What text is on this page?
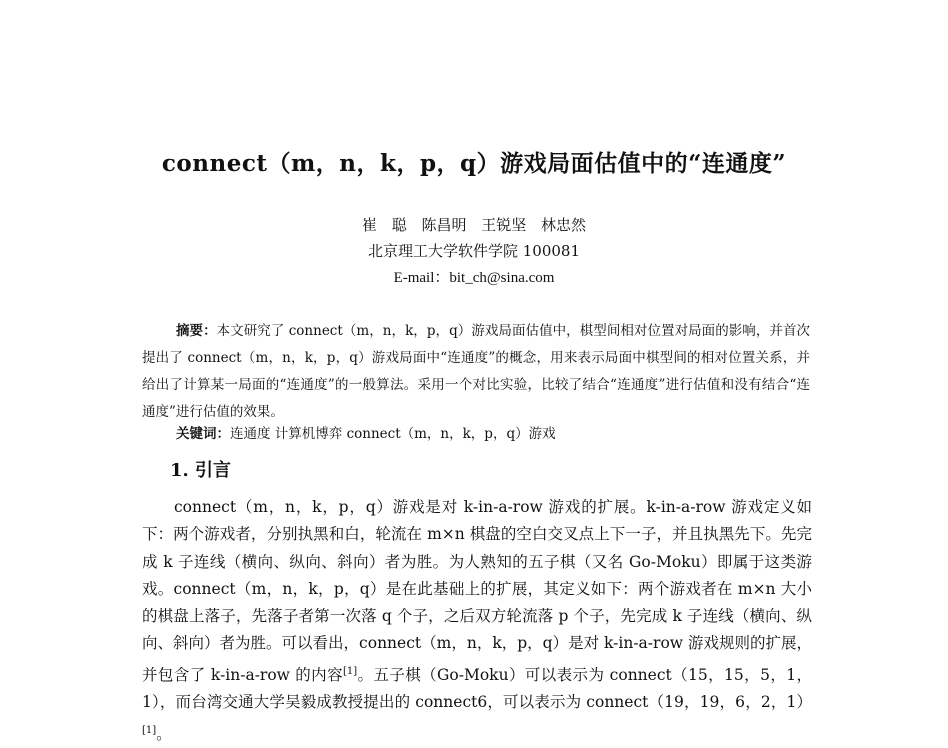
connect（m，n，k，p，q）游戏局面估值中的“连通度”
崔 聪 陈昌明 王锐坚 林忠然
北京理工大学软件学院 100081
E-mail：bit_ch@sina.com
摘要：本文研究了 connect（m，n，k，p，q）游戏局面估值中，棋型间相对位置对局面的影响，并首次提出了 connect（m，n，k，p，q）游戏局面中“连通度”的概念，用来表示局面中棋型间的相对位置关系，并给出了计算某一局面的“连通度”的一般算法。采用一个对比实验，比较了结合“连通度”进行估值和没有结合“连通度”进行估值的效果。
关键词：连通度 计算机博弈 connect（m，n，k，p，q）游戏
1. 引言
connect（m，n，k，p，q）游戏是对 k-in-a-row 游戏的扩展。k-in-a-row 游戏定义如下：两个游戏者，分别执黑和白，轮流在 m×n 棋盘的空白交叉点上下一子，并且执黑先下。先完成 k 子连线（横向、纵向、斜向）者为胜。为人熟知的五子棋（又名 Go-Moku）即属于这类游戏。connect（m，n，k，p，q）是在此基础上的扩展，其定义如下：两个游戏者在 m×n 大小的棋盘上落子，先落子者第一次落 q 个子，之后双方轮流落 p 个子，先完成 k 子连线（横向、纵向、斜向）者为胜。可以看出，connect（m，n，k，p，q）是对 k-in-a-row 游戏规则的扩展，并包含了 k-in-a-row 的内容[1]。五子棋（Go-Moku）可以表示为 connect（15，15，5，1，1），而台湾交通大学吴毅成教授提出的 connect6，可以表示为 connect（19，19，6，2，1）[1]。
